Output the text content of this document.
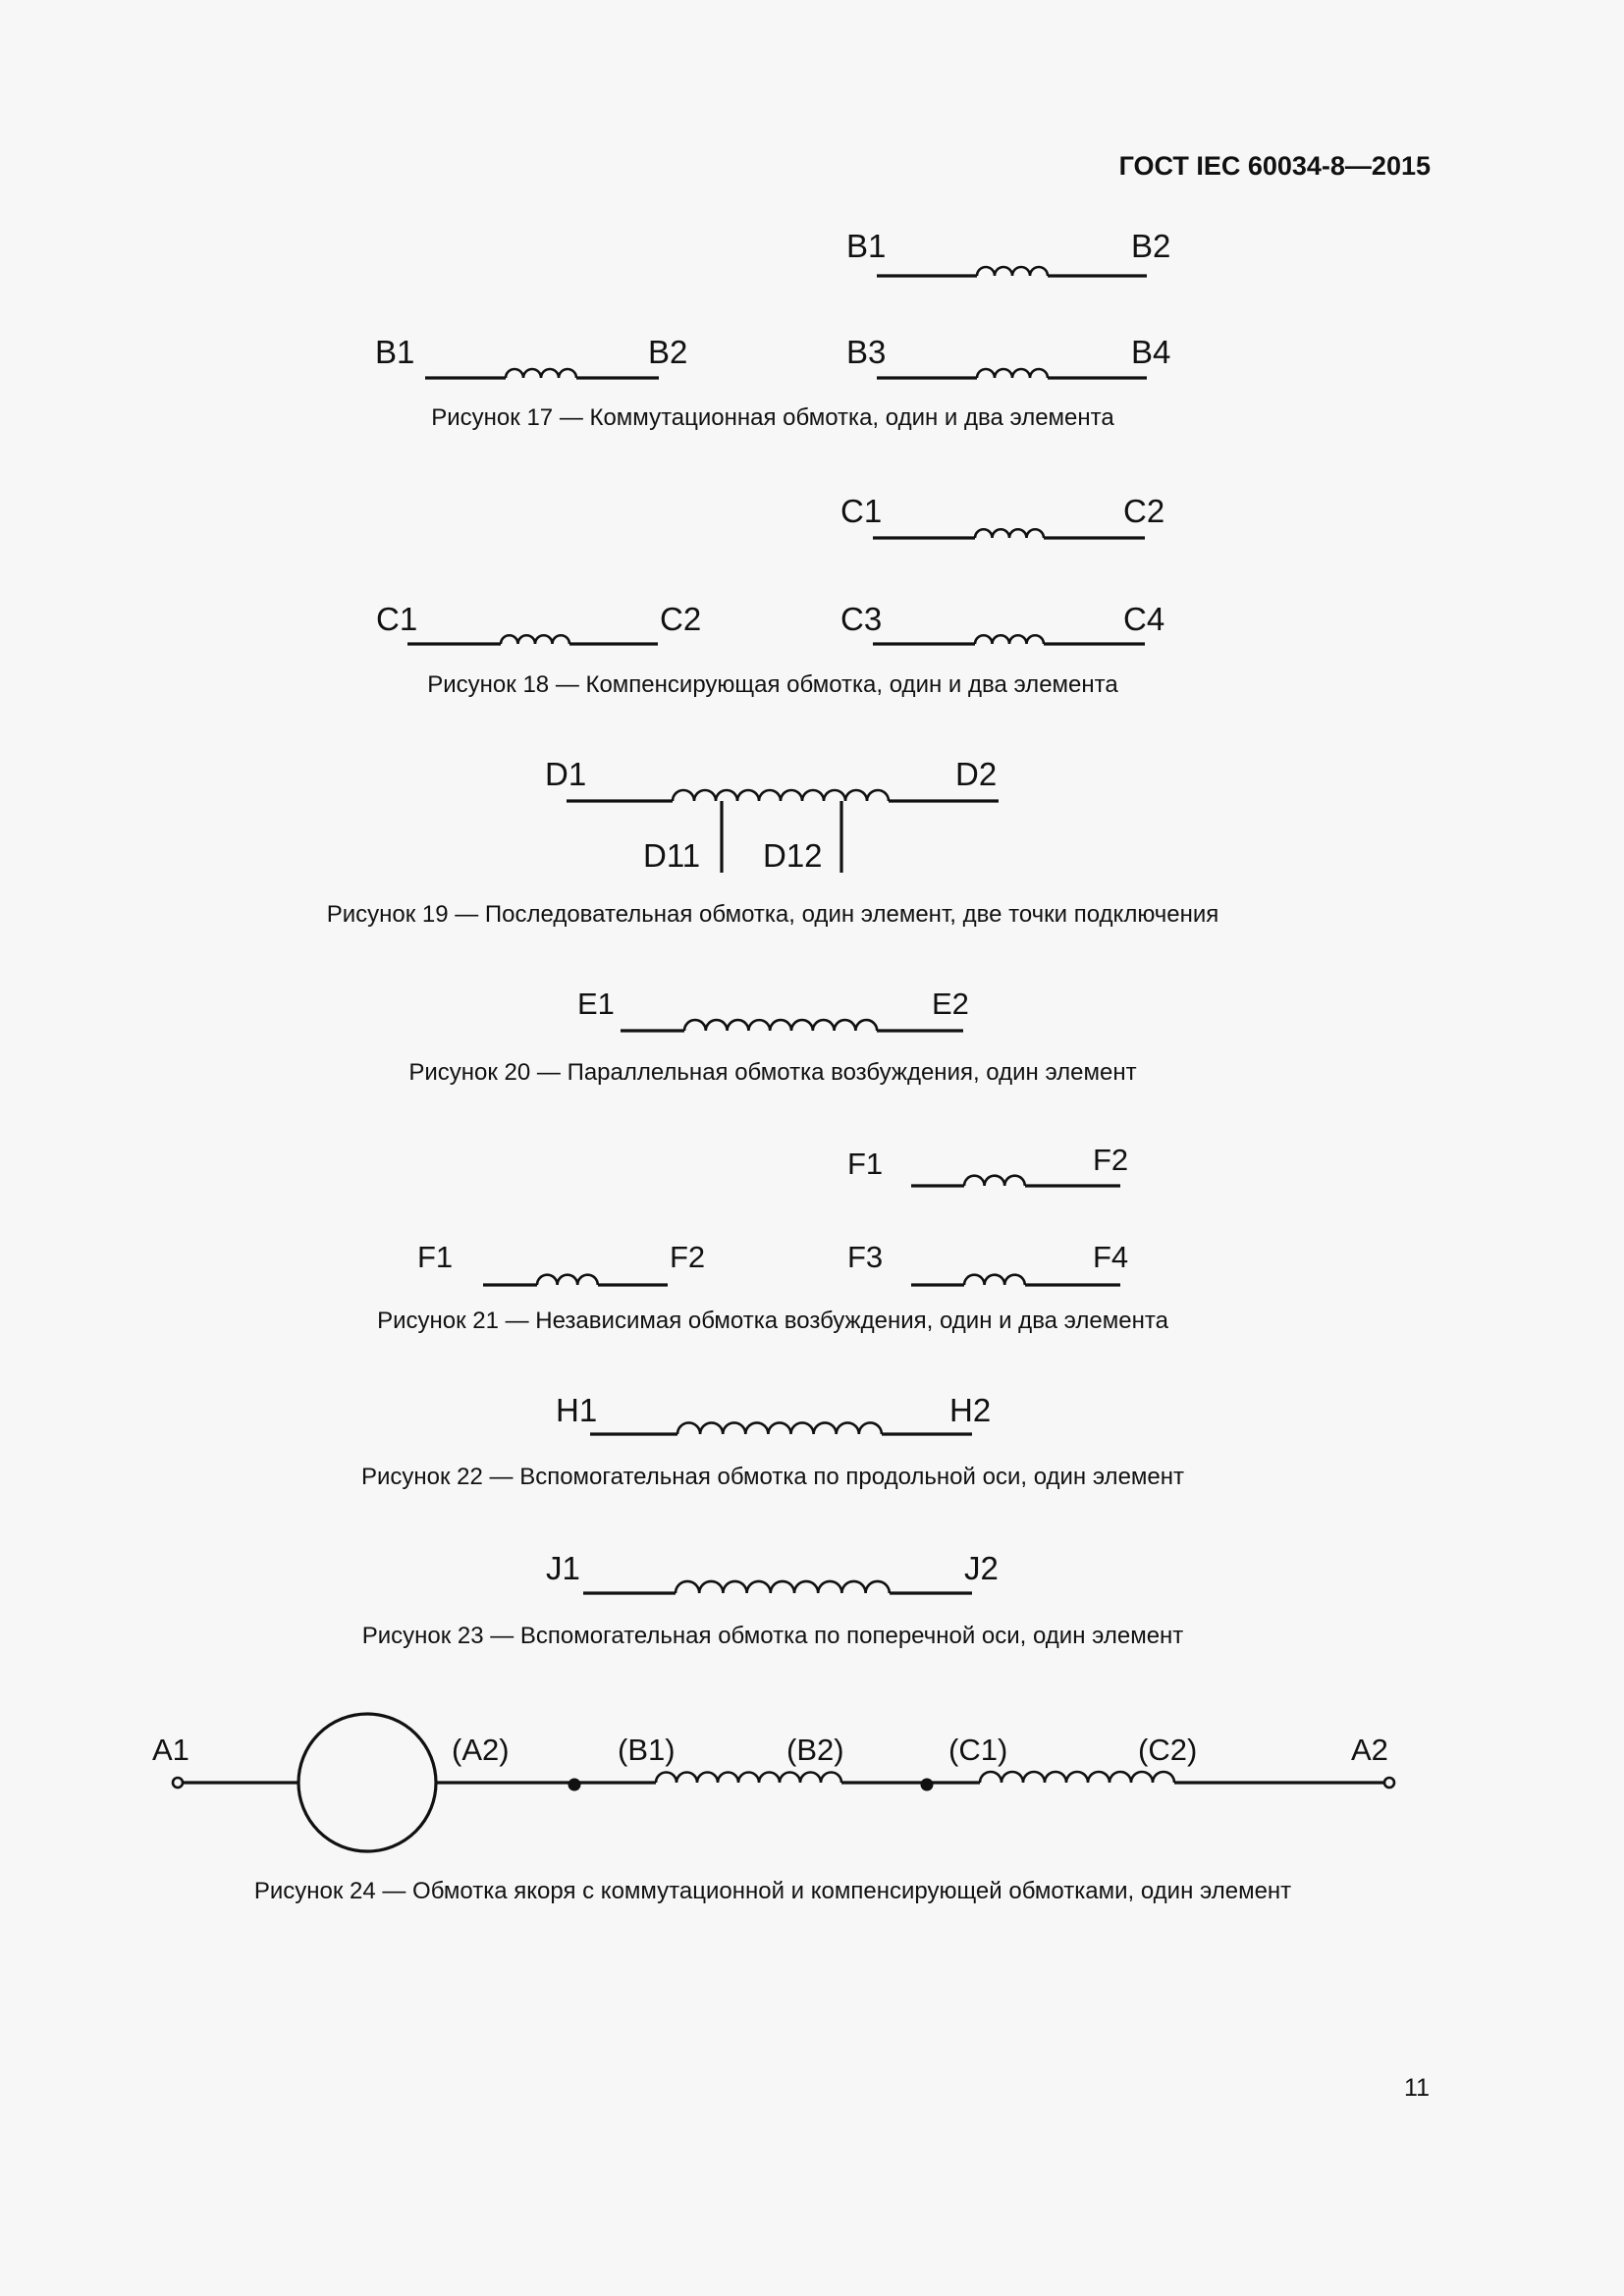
ГОСТ IEC 60034-8—2015
11
B1	B2
B1	B2
B3	B4
Рисунок 17 — Коммутационная обмотка, один и два элемента
C1	C2
C1	C2
C3	C4
Рисунок 18 — Компенсирующая обмотка, один и два элемента
D1	D2
D11 D12
Рисунок 19 — Последовательная обмотка, один элемент, две точки подключения
E1	E2
Рисунок 20 — Параллельная обмотка возбуждения, один элемент
F1	F2
F1	F2
F3	F4
Рисунок 21 — Независимая обмотка возбуждения, один и два элемента
H1	H2
Рисунок 22 — Вспомогательная обмотка по продольной оси, один элемент
J1	J2
Рисунок 23 — Вспомогательная обмотка по поперечной оси, один элемент
A1	(A2)	(B1)	(B2)	(C1)	(C2)	A2
Рисунок 24 — Обмотка якоря с коммутационной и компенсирующей обмотками, один элемент
